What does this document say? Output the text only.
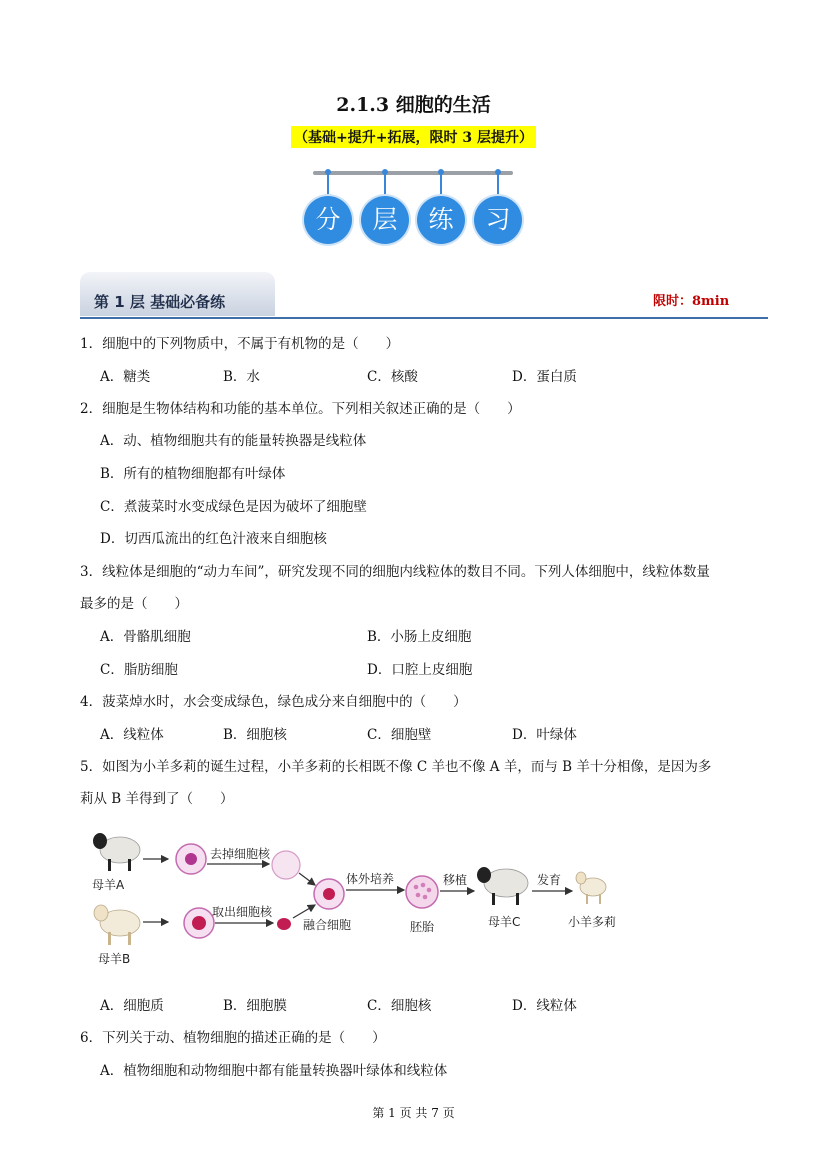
2.1.3 细胞的生活
（基础+提升+拓展，限时 3 层提升）
分	层	练	习
第 1 层 基础必备练	限时：8min
1．细胞中的下列物质中，不属于有机物的是（　　）
A．糖类	B．水	C．核酸	D．蛋白质
2．细胞是生物体结构和功能的基本单位。下列相关叙述正确的是（　　）
A．动、植物细胞共有的能量转换器是线粒体
B．所有的植物细胞都有叶绿体
C．煮菠菜时水变成绿色是因为破坏了细胞壁
D．切西瓜流出的红色汁液来自细胞核
3．线粒体是细胞的“动力车间”，研究发现不同的细胞内线粒体的数目不同。下列人体细胞中，线粒体数量
最多的是（　　）
A．骨骼肌细胞	B．小肠上皮细胞
C．脂肪细胞	D．口腔上皮细胞
4．菠菜焯水时，水会变成绿色，绿色成分来自细胞中的（　　）
A．线粒体	B．细胞核	C．细胞壁	D．叶绿体
5．如图为小羊多莉的诞生过程，小羊多莉的长相既不像 C 羊也不像 A 羊，而与 B 羊十分相像，是因为多
莉从 B 羊得到了（　　）
母羊A
母羊B
去掉细胞核
取出细胞核
融合细胞
体外培养
胚胎
移植
母羊C
发育
小羊多莉
A．细胞质	B．细胞膜	C．细胞核	D．线粒体
6．下列关于动、植物细胞的描述正确的是（　　）
A．植物细胞和动物细胞中都有能量转换器叶绿体和线粒体
第 1 页 共 7 页
